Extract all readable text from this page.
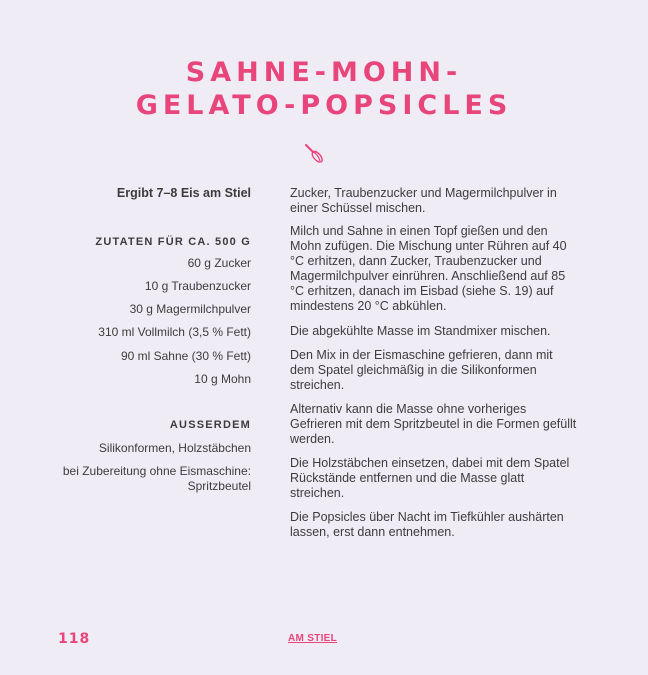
SAHNE-MOHN-
GELATO-POPSICLES
Ergibt 7–8 Eis am Stiel
ZUTATEN FÜR CA. 500 G
60 g Zucker
10 g Traubenzucker
30 g Magermilchpulver
310 ml Vollmilch (3,5 % Fett)
90 ml Sahne (30 % Fett)
10 g Mohn
AUSSERDEM
Silikonformen, Holzstäbchen
bei Zubereitung ohne Eismaschine:
Spritzbeutel

Zucker, Traubenzucker und Magermilchpulver in einer Schüssel mischen.

Milch und Sahne in einen Topf gießen und den Mohn zufügen. Die Mischung unter Rühren auf 40 °C erhitzen, dann Zucker, Traubenzucker und Magermilchpulver einrühren. Anschließend auf 85 °C erhitzen, danach im Eisbad (siehe S. 19) auf mindestens 20 °C abkühlen.

Die abgekühlte Masse im Standmixer mischen.

Den Mix in der Eismaschine gefrieren, dann mit dem Spatel gleichmäßig in die Silikonformen streichen.

Alternativ kann die Masse ohne vorheriges Gefrieren mit dem Spritzbeutel in die Formen gefüllt werden.

Die Holzstäbchen einsetzen, dabei mit dem Spatel Rückstände entfernen und die Masse glatt streichen.

Die Popsicles über Nacht im Tiefkühler aushärten lassen, erst dann entnehmen.

118	AM STIEL
